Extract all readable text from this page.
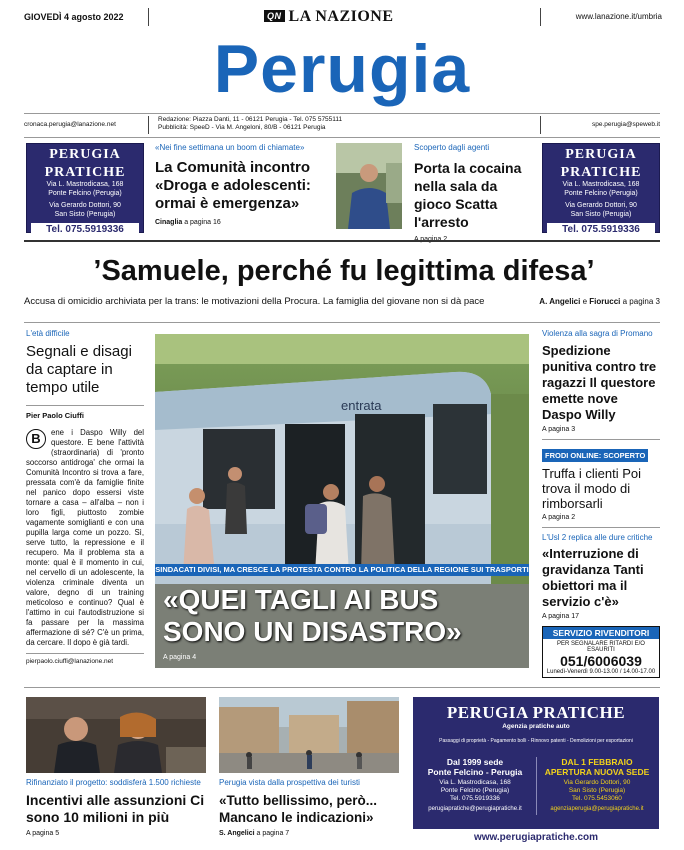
GIOVEDÌ 4 agosto 2022	QN LA NAZIONE	www.lanazione.it/umbria
Perugia
cronaca.perugia@lanazione.net
Redazione: Piazza Danti, 11 - 06121 Perugia - Tel. 075 5755111
Pubblicità: SpeeD - Via M. Angeloni, 80/B - 06121 Perugia	spe.perugia@speweb.it
PERUGIA
PRATICHE
Via L. Mastrodicasa, 168
Ponte Felcino (Perugia)
Via Gerardo Dottori, 90
San Sisto (Perugia)
Tel. 075.5919336
«Nei fine settimana un boom di chiamate»
La Comunità incontro «Droga e adolescenti: ormai è emergenza»
Cinaglia a pagina 16
Scoperto dagli agenti
Porta la cocaina nella sala da gioco Scatta l'arresto
PERUGIA
PRATICHE
Via L. Mastrodicasa, 168
Ponte Felcino (Perugia)
Via Gerardo Dottori, 90
San Sisto (Perugia)
Tel. 075.5919336
’Samuele, perché fu legittima difesa’
Accusa di omicidio archiviata per la trans: le motivazioni della Procura. La famiglia del giovane non si dà pace	A. Angelici e Fiorucci a pagina 3
L'età difficile
Segnali e disagi da captare in tempo utile
Pier Paolo Ciuffi
B	ene i Daspo Willy del questore. E bene l'attività (straordinaria) di 'pronto soccorso antidroga' che ormai la Comunità Incontro si trova a fare, pressata com'è da famiglie finite nel panico dopo essersi viste tornare a casa – all'alba – non i loro figli, piuttosto zombie vagamente somiglianti e con una pupilla larga come un pozzo. Sì, serve tutto, la repressione e il recupero. Ma il problema sta a monte: qual è il momento in cui, nel cervello di un adolescente, la violenza criminale diventa un valore, degno di un training meticoloso e continuo? Qual è l'attimo in cui l'autodistruzione si fa passare per la massima affermazione di sé? C'è un prima, da cercare. Il dopo è già tardi.
pierpaolo.ciuffi@lanazione.net
entrata
SINDACATI DIVISI, MA CRESCE LA PROTESTA CONTRO LA POLITICA DELLA REGIONE SUI TRASPORTI
«QUEI TAGLI AI BUS
SONO UN DISASTRO»
A pagina 4
Violenza alla sagra di Promano
Spedizione punitiva contro tre ragazzi Il questore emette nove Daspo Willy
A pagina 3
FRODI ONLINE: SCOPERTO
Truffa i clienti Poi trova il modo di rimborsarli
A pagina 2
L'Usl 2 replica alle dure critiche
«Interruzione di gravidanza Tanti obiettori ma il servizio c'è»
A pagina 17
SERVIZIO RIVENDITORI
PER SEGNALARE RITARDI E/O ESAURITI
051/6006039
Lunedì-Venerdì 9.00-13.00 / 14.00-17.00
Rifinanziato il progetto: soddisferà 1.500 richieste
Incentivi alle assunzioni Ci sono 10 milioni in più
A pagina 5
Perugia vista dalla prospettiva dei turisti
«Tutto bellissimo, però... Mancano le indicazioni»
S. Angelici a pagina 7
PERUGIA PRATICHE
Agenzia pratiche auto
Passaggi di proprietà - Pagamento bolli - Rinnovo patenti - Demolizioni per esportazioni
Dal 1999 sede
Ponte Felcino - Perugia
Via L. Mastrodicasa, 168
Ponte Felcino (Perugia)
Tel. 075.5919336
perugiapratiche@perugiapratiche.it
DAL 1 FEBBRAIO
APERTURA NUOVA SEDE
Via Gerardo Dottori, 90
San Sisto (Perugia)
Tel. 075.5453060
agenziaperugia@perugiapratiche.it
www.perugiapratiche.com
